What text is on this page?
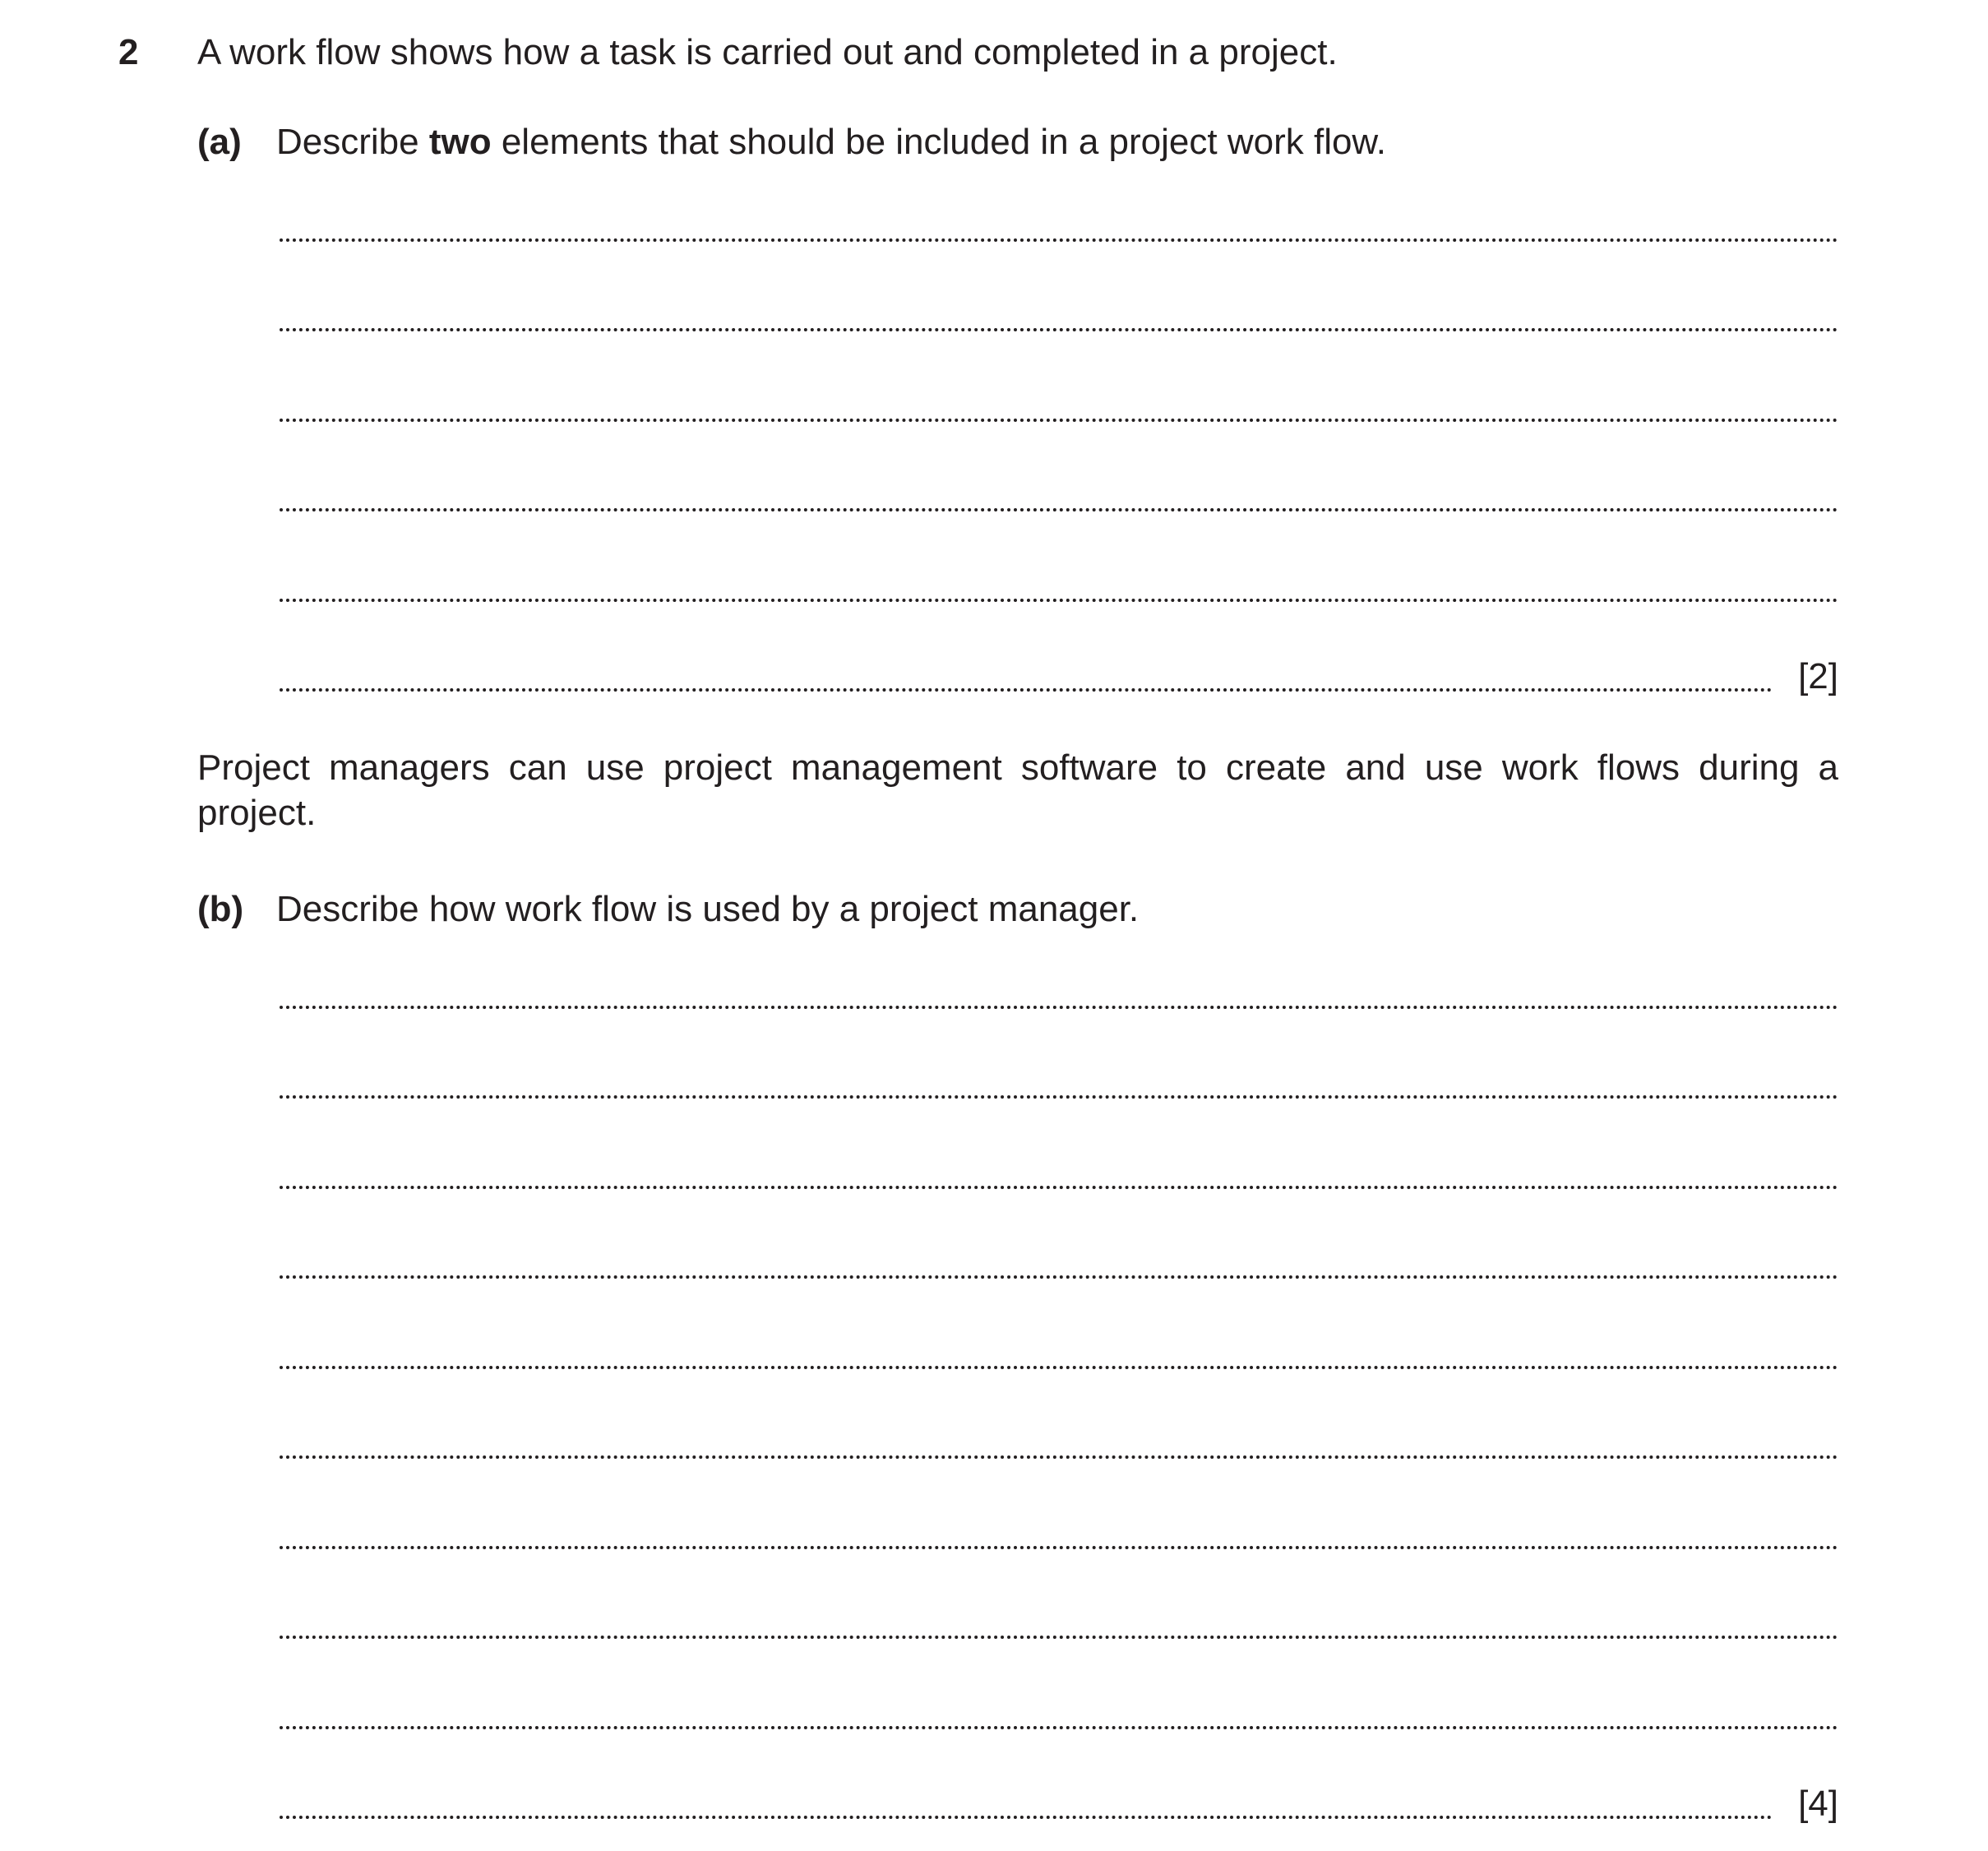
2 A work flow shows how a task is carried out and completed in a project.
(a) Describe two elements that should be included in a project work flow.
[2]
Project managers can use project management software to create and use work flows during a project.
(b) Describe how work flow is used by a project manager.
[4]
